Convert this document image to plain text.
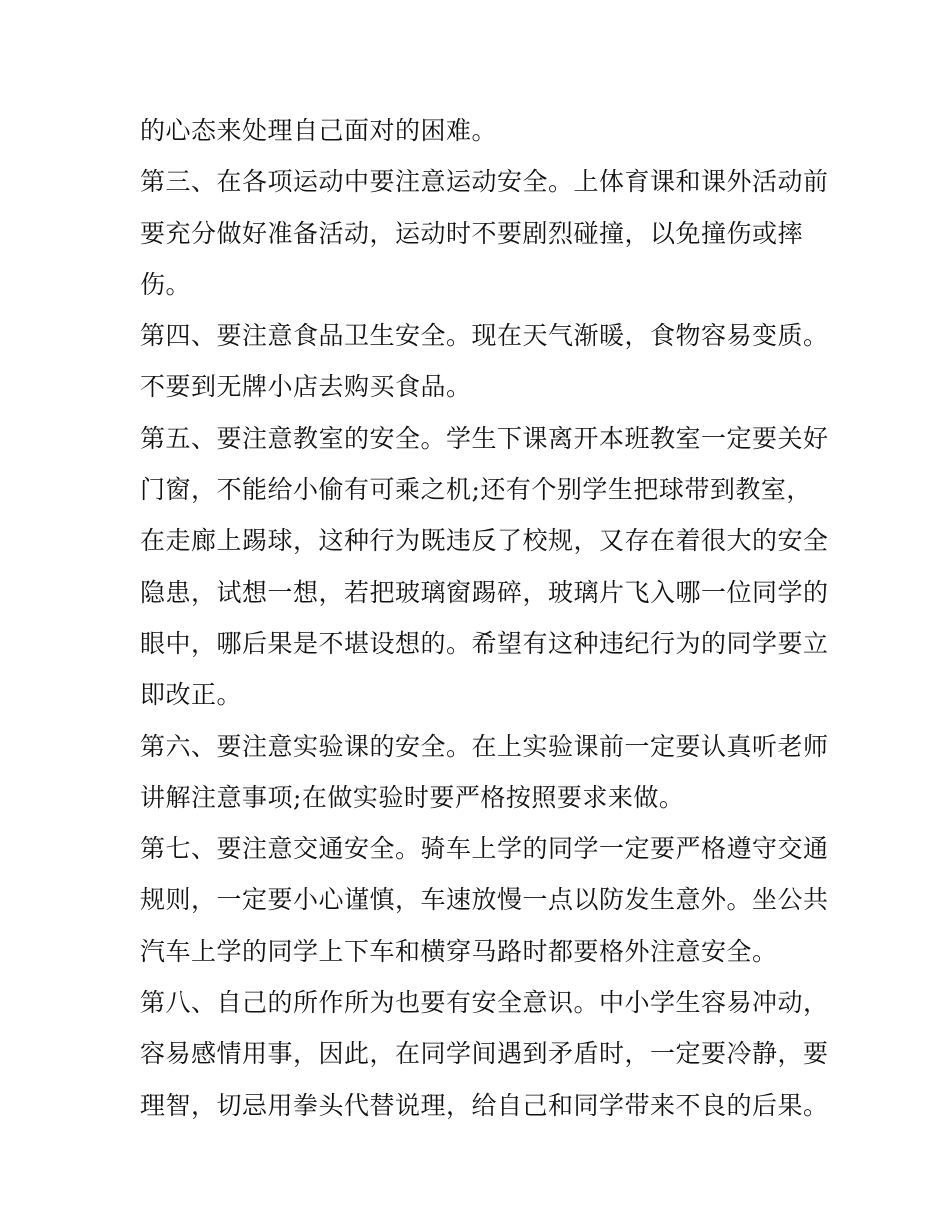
的心态来处理自己面对的困难。
第三、在各项运动中要注意运动安全。上体育课和课外活动前
要充分做好准备活动，运动时不要剧烈碰撞，以免撞伤或摔
伤。
第四、要注意食品卫生安全。现在天气渐暖，食物容易变质。
不要到无牌小店去购买食品。
第五、要注意教室的安全。学生下课离开本班教室一定要关好
门窗，不能给小偷有可乘之机;还有个别学生把球带到教室，
在走廊上踢球，这种行为既违反了校规，又存在着很大的安全
隐患，试想一想，若把玻璃窗踢碎，玻璃片飞入哪一位同学的
眼中，哪后果是不堪设想的。希望有这种违纪行为的同学要立
即改正。
第六、要注意实验课的安全。在上实验课前一定要认真听老师
讲解注意事项;在做实验时要严格按照要求来做。
第七、要注意交通安全。骑车上学的同学一定要严格遵守交通
规则，一定要小心谨慎，车速放慢一点以防发生意外。坐公共
汽车上学的同学上下车和横穿马路时都要格外注意安全。
第八、自己的所作所为也要有安全意识。中小学生容易冲动，
容易感情用事，因此，在同学间遇到矛盾时，一定要冷静，要
理智，切忌用拳头代替说理，给自己和同学带来不良的后果。
